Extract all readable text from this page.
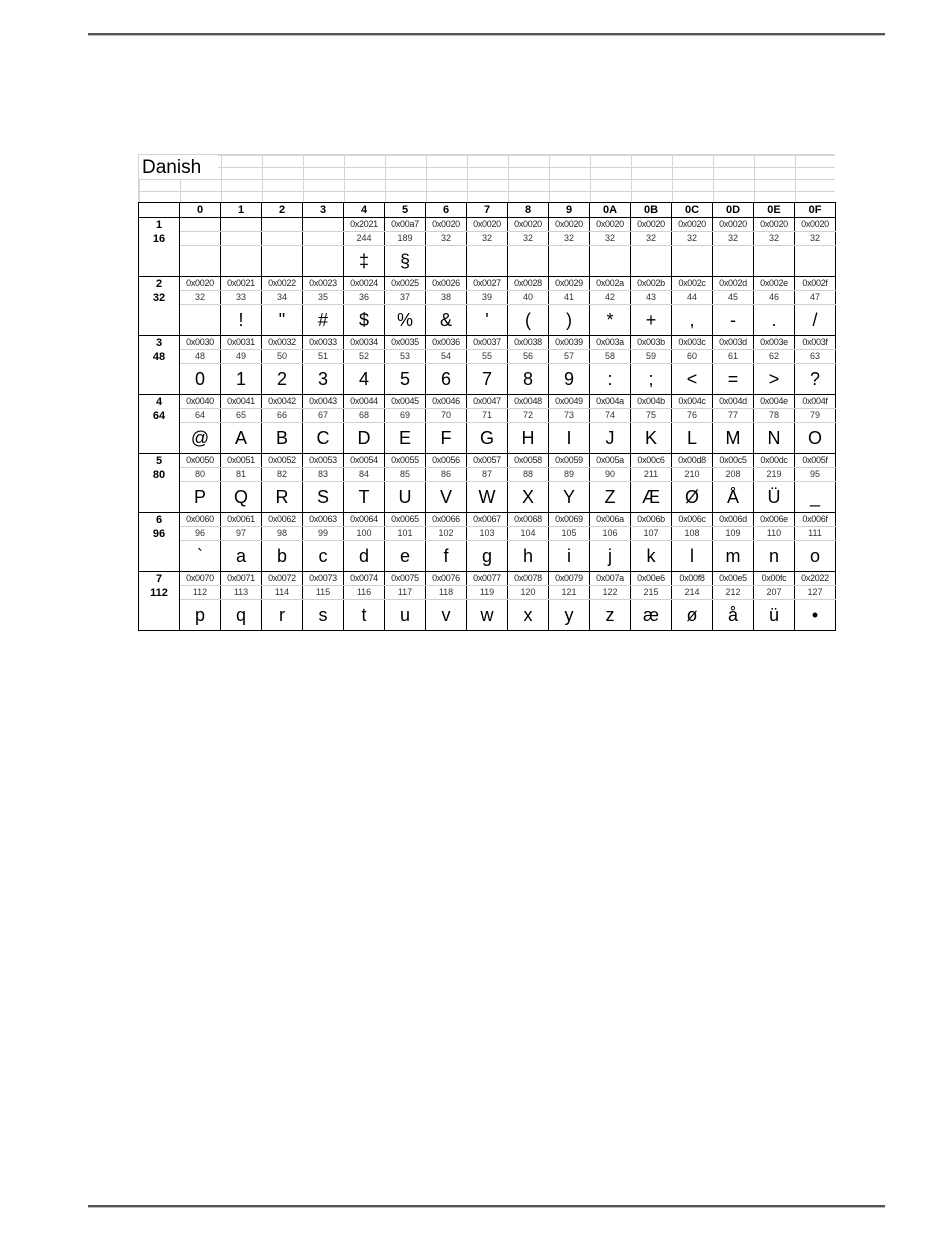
Danish
	0	1	2	3	4	5	6	7	8	9	0A	0B	0C	0D	0E	0F
1					0x2021	0x00a7	0x0020	0x0020	0x0020	0x0020	0x0020	0x0020	0x0020	0x0020	0x0020	0x0020
16					244	189	32	32	32	32	32	32	32	32	32	32
					‡	§										
2	0x0020	0x0021	0x0022	0x0023	0x0024	0x0025	0x0026	0x0027	0x0028	0x0029	0x002a	0x002b	0x002c	0x002d	0x002e	0x002f
32	32	33	34	35	36	37	38	39	40	41	42	43	44	45	46	47
		!	"	#	$	%	&	'	(	)	*	+	,	-	.	/
3	0x0030	0x0031	0x0032	0x0033	0x0034	0x0035	0x0036	0x0037	0x0038	0x0039	0x003a	0x003b	0x003c	0x003d	0x003e	0x003f
48	48	49	50	51	52	53	54	55	56	57	58	59	60	61	62	63
	0	1	2	3	4	5	6	7	8	9	:	;	<	=	>	?
4	0x0040	0x0041	0x0042	0x0043	0x0044	0x0045	0x0046	0x0047	0x0048	0x0049	0x004a	0x004b	0x004c	0x004d	0x004e	0x004f
64	64	65	66	67	68	69	70	71	72	73	74	75	76	77	78	79
	@	A	B	C	D	E	F	G	H	I	J	K	L	M	N	O
5	0x0050	0x0051	0x0052	0x0053	0x0054	0x0055	0x0056	0x0057	0x0058	0x0059	0x005a	0x00c6	0x00d8	0x00c5	0x00dc	0x005f
80	80	81	82	83	84	85	86	87	88	89	90	211	210	208	219	95
	P	Q	R	S	T	U	V	W	X	Y	Z	Æ	Ø	Å	Ü	_
6	0x0060	0x0061	0x0062	0x0063	0x0064	0x0065	0x0066	0x0067	0x0068	0x0069	0x006a	0x006b	0x006c	0x006d	0x006e	0x006f
96	96	97	98	99	100	101	102	103	104	105	106	107	108	109	110	111
	`	a	b	c	d	e	f	g	h	i	j	k	l	m	n	o
7	0x0070	0x0071	0x0072	0x0073	0x0074	0x0075	0x0076	0x0077	0x0078	0x0079	0x007a	0x00e6	0x00f8	0x00e5	0x00fc	0x2022
112	112	113	114	115	116	117	118	119	120	121	122	215	214	212	207	127
	p	q	r	s	t	u	v	w	x	y	z	æ	ø	å	ü	•
